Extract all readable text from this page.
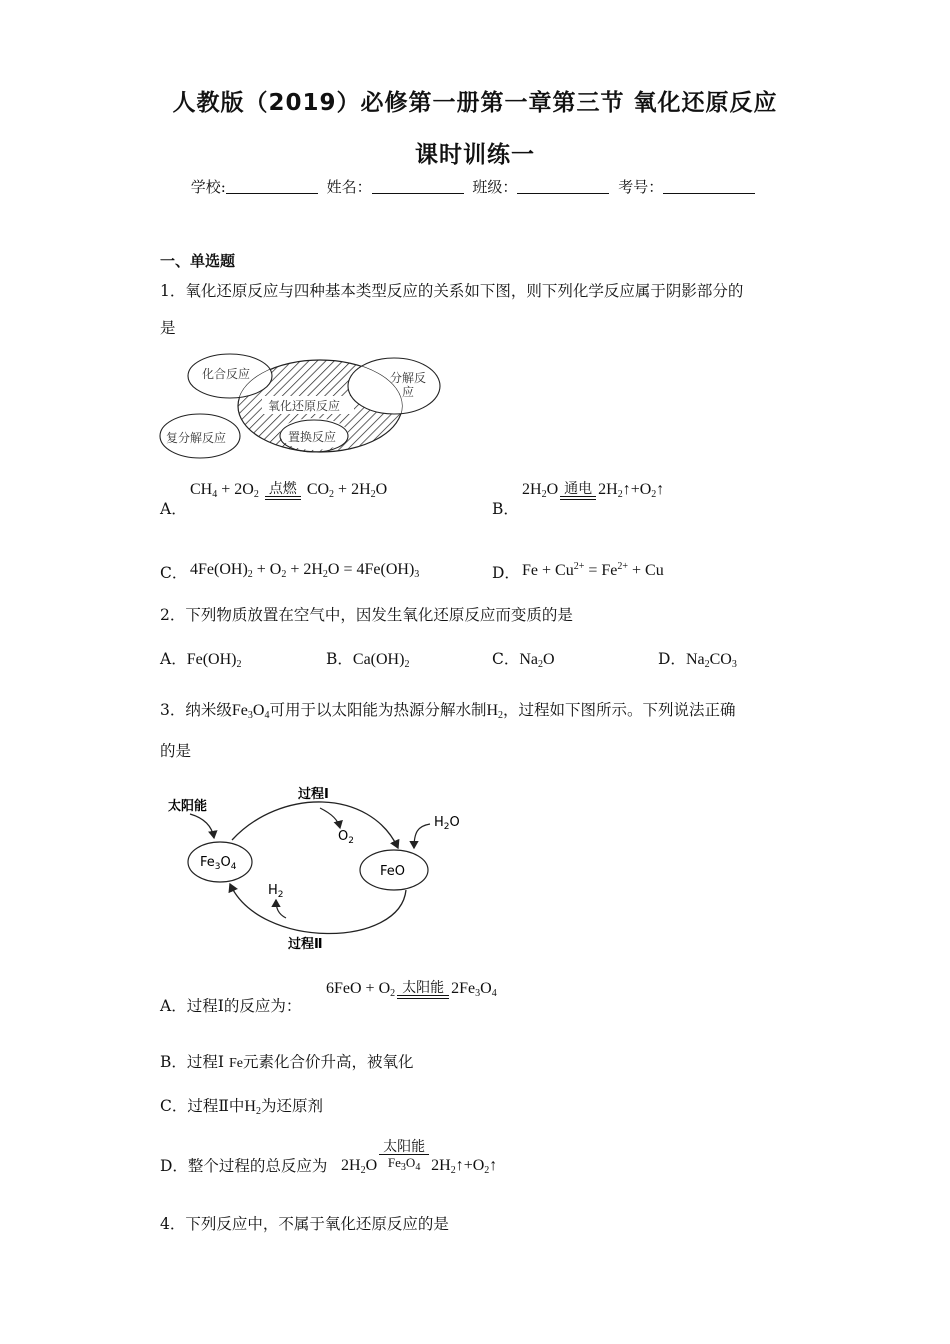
人教版（2019）必修第一册第一章第三节 氧化还原反应
课时训练一
学校:	姓名：	班级：	考号：
一、单选题
1．氧化还原反应与四种基本类型反应的关系如下图，则下列化学反应属于阴影部分的
是
化合反应	分解反
应
氧化还原反应
复分解反应	置换反应
A．
$CH_4 + 2O_2$ 点燃 $CO_2 + 2H_2O$
B．
$2H_2O$ 通电 $2H_2↑+O_2↑$
C． $4Fe(OH)_2 + O_2 + 2H_2O = 4Fe(OH)_3$	D． $Fe + Cu^{2+} = Fe^{2+} + Cu$
2．下列物质放置在空气中，因发生氧化还原反应而变质的是
A．$Fe(OH)_2$	B．$Ca(OH)_2$	C．$Na_2O$	D．$Na_2CO_3$
3．纳米级$Fe_3O_4$可用于以太阳能为热源分解水制$H_2$，过程如下图所示。下列说法正确
的是
太阳能
过程Ⅰ
过程Ⅱ
FeO
$Fe_3O_4$
$O_2$
$H_2O$
$H_2$
A．过程Ⅰ的反应为：
$6FeO + O_2$ 太阳能 $2Fe_3O_4$
B．过程Ⅰ Fe元素化合价升高，被氧化
C．过程Ⅱ中$H_2$为还原剂
D．整个过程的总反应为 $2H_2O$
太阳能
$Fe_3O_4$ $2H_2↑+O_2↑$
4．下列反应中，不属于氧化还原反应的是
